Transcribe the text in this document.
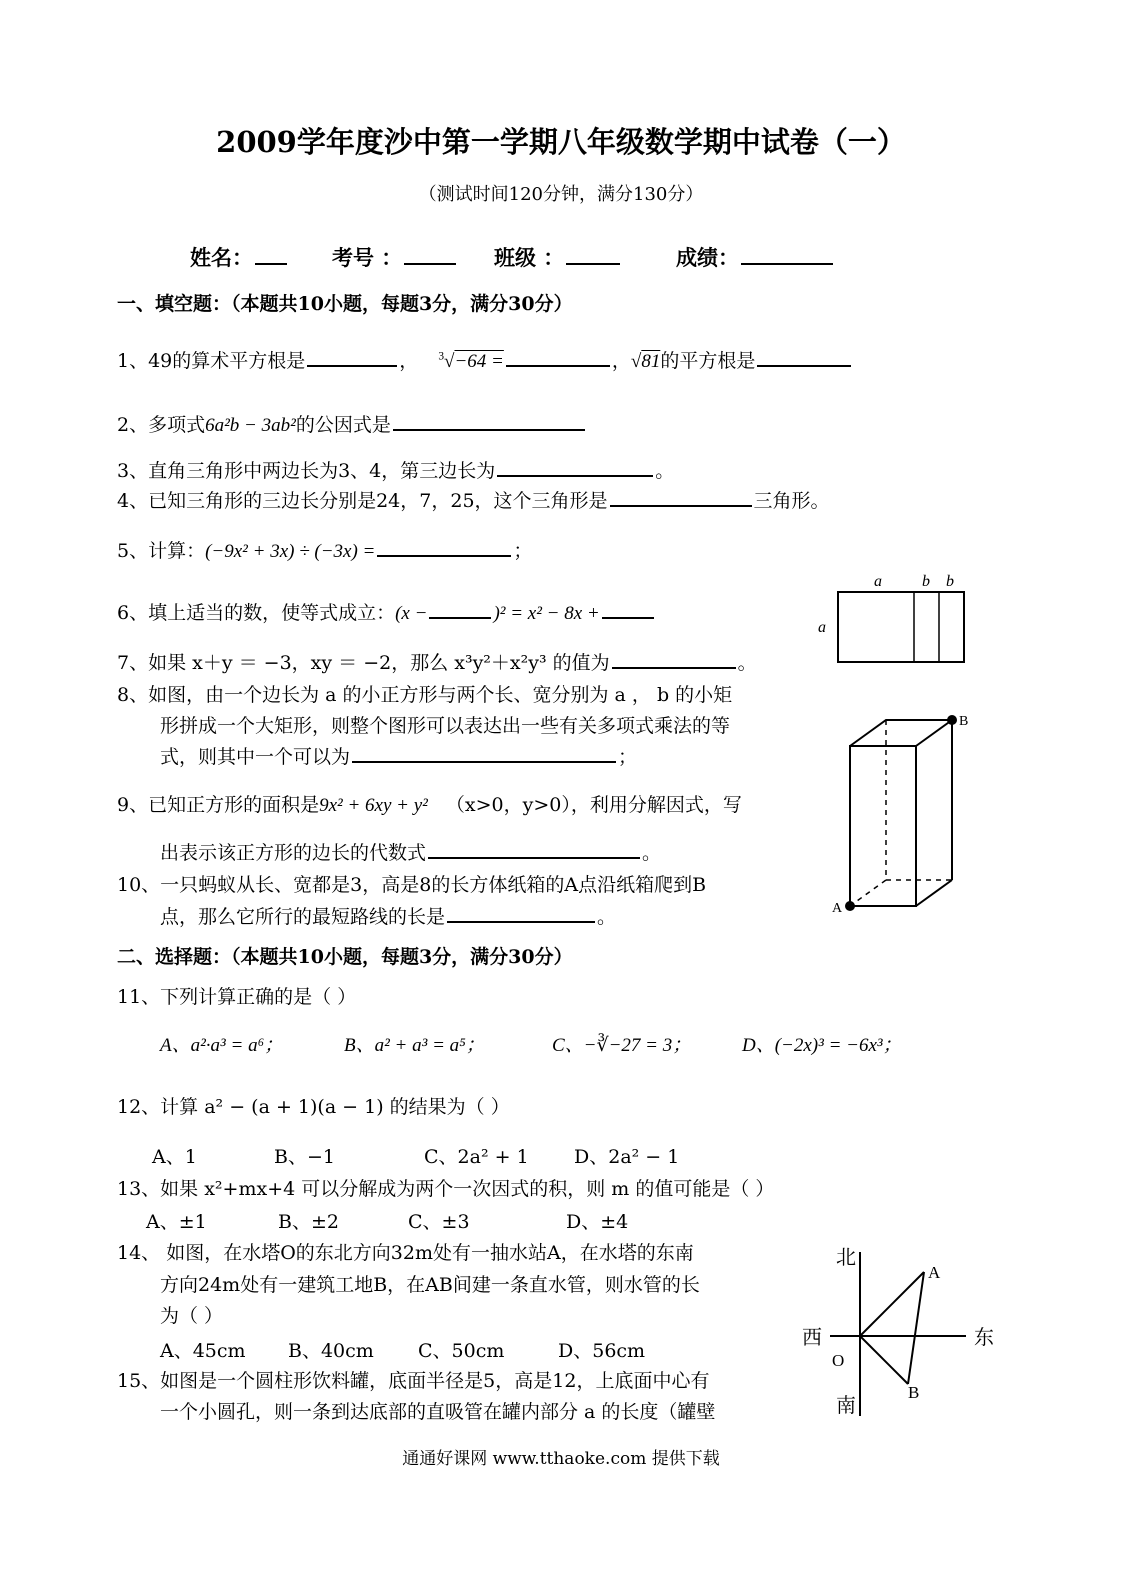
2009学年度沙中第一学期八年级数学期中试卷（一）
（测试时间120分钟，满分130分）
姓名：	考号 ：	班级 ：	成绩：
一、填空题：（本题共10小题，每题3分，满分30分）
1、49的算术平方根是	， $^3$√−64 =	，√81的平方根是
2、多项式6a²b − 3ab²的公因式是
3、直角三角形中两边长为3、4，第三边长为	。
4、已知三角形的三边长分别是24，7，25，这个三角形是	三角形。
5、计算：(−9x² + 3x) ÷ (−3x) =	；
6、填上适当的数，使等式成立：(x −	)² = x² − 8x +
7、如果 x＋y ＝ −3，xy ＝ −2，那么 x³y²＋x²y³ 的值为	。
8、如图，由一个边长为 a 的小正方形与两个长、宽分别为 a ， b 的小矩
形拼成一个大矩形，则整个图形可以表达出一些有关多项式乘法的等
式，则其中一个可以为	；
9、已知正方形的面积是9x² + 6xy + y² （x>0，y>0），利用分解因式，写
出表示该正方形的边长的代数式	。
10、一只蚂蚁从长、宽都是3，高是8的长方体纸箱的A点沿纸箱爬到B
点，那么它所行的最短路线的长是	。
二、选择题：（本题共10小题，每题3分，满分30分）
11、下列计算正确的是（ ）
A、a²·a³ = a⁶；	B、a² + a³ = a⁵；	C、−∛−27 = 3；	D、(−2x)³ = −6x³；
12、计算 a² − (a + 1)(a − 1) 的结果为（ ）
A、1	B、−1	C、2a² + 1 D、2a² − 1
13、如果 x²+mx+4 可以分解成为两个一次因式的积，则 m 的值可能是（ ）
A、±1	B、±2	C、±3	D、±4
14、 如图，在水塔O的东北方向32m处有一抽水站A，在水塔的东南
方向24m处有一建筑工地B，在AB间建一条直水管，则水管的长
为（ ）
A、45cm B、40cm C、50cm	D、56cm
15、如图是一个圆柱形饮料罐，底面半径是5，高是12，上底面中心有
一个小圆孔，则一条到达底部的直吸管在罐内部分 a 的长度（罐壁
a	b b
a
A
B
北
南
西	东
O
A
B
通通好课网 www.tthaoke.com 提供下载
